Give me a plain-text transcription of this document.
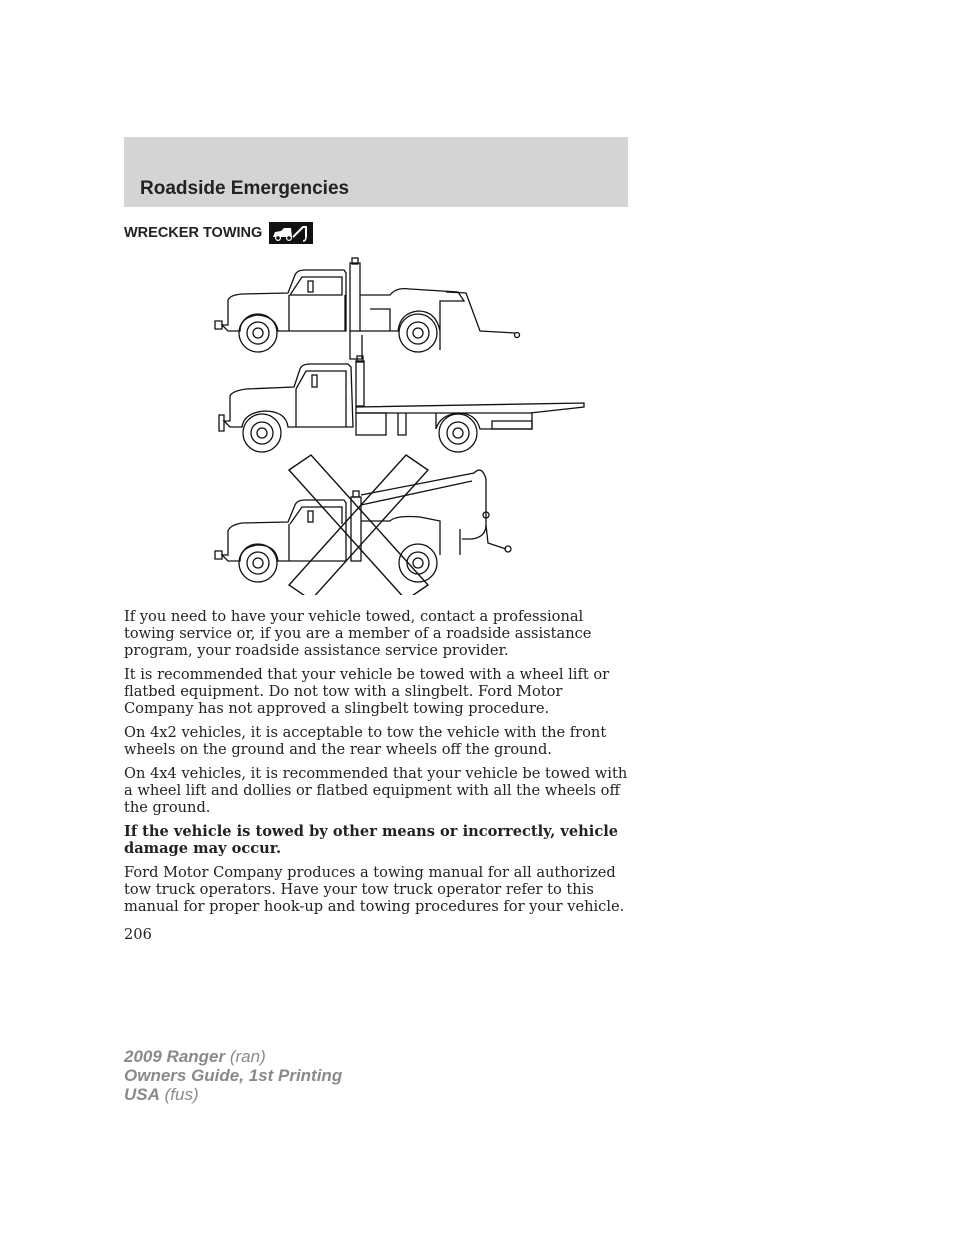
Roadside Emergencies
WRECKER TOWING

If you need to have your vehicle towed, contact a professional towing service or, if you are a member of a roadside assistance program, your roadside assistance service provider.

It is recommended that your vehicle be towed with a wheel lift or flatbed equipment. Do not tow with a slingbelt. Ford Motor Company has not approved a slingbelt towing procedure.

On 4x2 vehicles, it is acceptable to tow the vehicle with the front wheels on the ground and the rear wheels off the ground.

On 4x4 vehicles, it is recommended that your vehicle be towed with a wheel lift and dollies or flatbed equipment with all the wheels off the ground.

If the vehicle is towed by other means or incorrectly, vehicle damage may occur.

Ford Motor Company produces a towing manual for all authorized tow truck operators. Have your tow truck operator refer to this manual for proper hook-up and towing procedures for your vehicle.

206
2009 Ranger (ran)
Owners Guide, 1st Printing
USA (fus)
